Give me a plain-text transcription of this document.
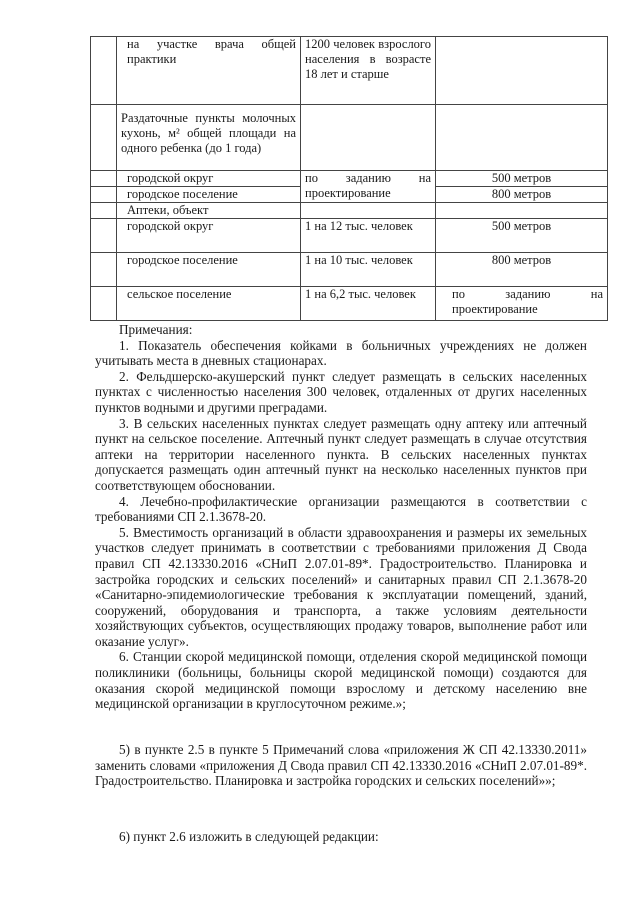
	на участке врача общей практики	1200 человек взрослого населения в возрасте 18 лет и старше	
	Раздаточные пункты молочных кухонь, м² общей площади на одного ребенка (до 1 года)		
	городской округ	по заданию на проектирование	500 метров
	городское поселение		800 метров
	Аптеки, объект		
	городской округ	1 на 12 тыс. человек	500 метров
	городское поселение	1 на 10 тыс. человек	800 метров
	сельское поселение	1 на 6,2 тыс. человек	по заданию на проектирование

Примечания:

1. Показатель обеспечения койками в больничных учреждениях не должен учитывать места в дневных стационарах.

2. Фельдшерско-акушерский пункт следует размещать в сельских населенных пунктах с численностью населения 300 человек, отдаленных от других населенных пунктов водными и другими преградами.

3. В сельских населенных пунктах следует размещать одну аптеку или аптечный пункт на сельское поселение. Аптечный пункт следует размещать в случае отсутствия аптеки на территории населенного пункта. В сельских населенных пунктах допускается размещать один аптечный пункт на несколько населенных пунктов при соответствующем обосновании.

4. Лечебно-профилактические организации размещаются в соответствии с требованиями СП 2.1.3678-20.

5. Вместимость организаций в области здравоохранения и размеры их земельных участков следует принимать в соответствии с требованиями приложения Д Свода правил СП 42.13330.2016 «СНиП 2.07.01-89*. Градостроительство. Планировка и застройка городских и сельских поселений» и санитарных правил СП 2.1.3678-20 «Санитарно-эпидемиологические требования к эксплуатации помещений, зданий, сооружений, оборудования и транспорта, а также условиям деятельности хозяйствующих субъектов, осуществляющих продажу товаров, выполнение работ или оказание услуг».

6. Станции скорой медицинской помощи, отделения скорой медицинской помощи поликлиники (больницы, больницы скорой медицинской помощи) создаются для оказания скорой медицинской помощи взрослому и детскому населению вне медицинской организации в круглосуточном режиме.»;

5) в пункте 2.5 в пункте 5 Примечаний слова «приложения Ж СП 42.13330.2011» заменить словами «приложения Д Свода правил СП 42.13330.2016 «СНиП 2.07.01-89*. Градостроительство. Планировка и застройка городских и сельских поселений»»;

6) пункт 2.6 изложить в следующей редакции:
